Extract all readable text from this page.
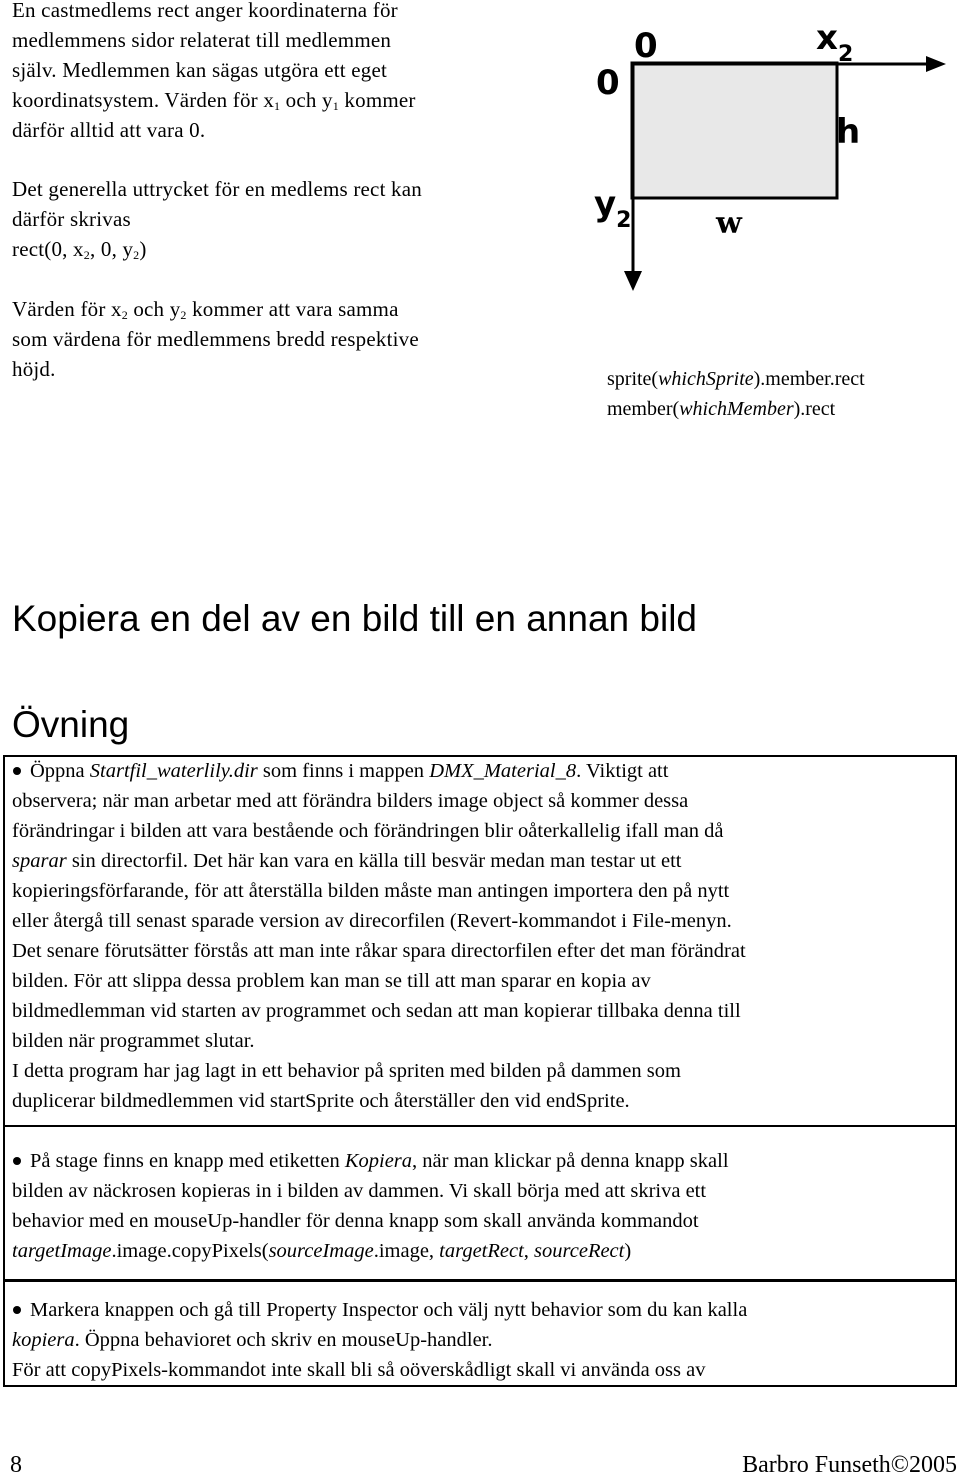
En castmedlems rect anger koordinaterna för
medlemmens sidor relaterat till medlemmen
själv. Medlemmen kan sägas utgöra ett eget
koordinatsystem. Värden för $x_1$ och $y_1$ kommer
därför alltid att vara 0.
Det generella uttrycket för en medlems rect kan
därför skrivas
rect(0, $x_2$, 0, $y_2$)
Värden för $x_2$ och $y_2$ kommer att vara samma
som värdena för medlemmens bredd respektive
höjd.
0
0
$x_2$
h
$y_2$	w
sprite(whichSprite).member.rect
member(whichMember).rect
Kopiera en del av en bild till en annan bild
Övning
Öppna Startfil_waterlily.dir som finns i mappen DMX_Material_8. Viktigt att
observera; när man arbetar med att förändra bilders image object så kommer dessa
förändringar i bilden att vara bestående och förändringen blir oåterkallelig ifall man då
sparar sin directorfil. Det här kan vara en källa till besvär medan man testar ut ett
kopieringsförfarande, för att återställa bilden måste man antingen importera den på nytt
eller återgå till senast sparade version av direcorfilen (Revert-kommandot i File-menyn.
Det senare förutsätter förstås att man inte råkar spara directorfilen efter det man förändrat
bilden. För att slippa dessa problem kan man se till att man sparar en kopia av
bildmedlemman vid starten av programmet och sedan att man kopierar tillbaka denna till
bilden när programmet slutar.
I detta program har jag lagt in ett behavior på spriten med bilden på dammen som
duplicerar bildmedlemmen vid startSprite och återställer den vid endSprite.
På stage finns en knapp med etiketten Kopiera, när man klickar på denna knapp skall
bilden av näckrosen kopieras in i bilden av dammen. Vi skall börja med att skriva ett
behavior med en mouseUp-handler för denna knapp som skall använda kommandot
targetImage.image.copyPixels(sourceImage.image, targetRect, sourceRect)
Markera knappen och gå till Property Inspector och välj nytt behavior som du kan kalla
kopiera. Öppna behavioret och skriv en mouseUp-handler.
För att copyPixels-kommandot inte skall bli så oöverskådligt skall vi använda oss av
8	Barbro Funseth©2005
